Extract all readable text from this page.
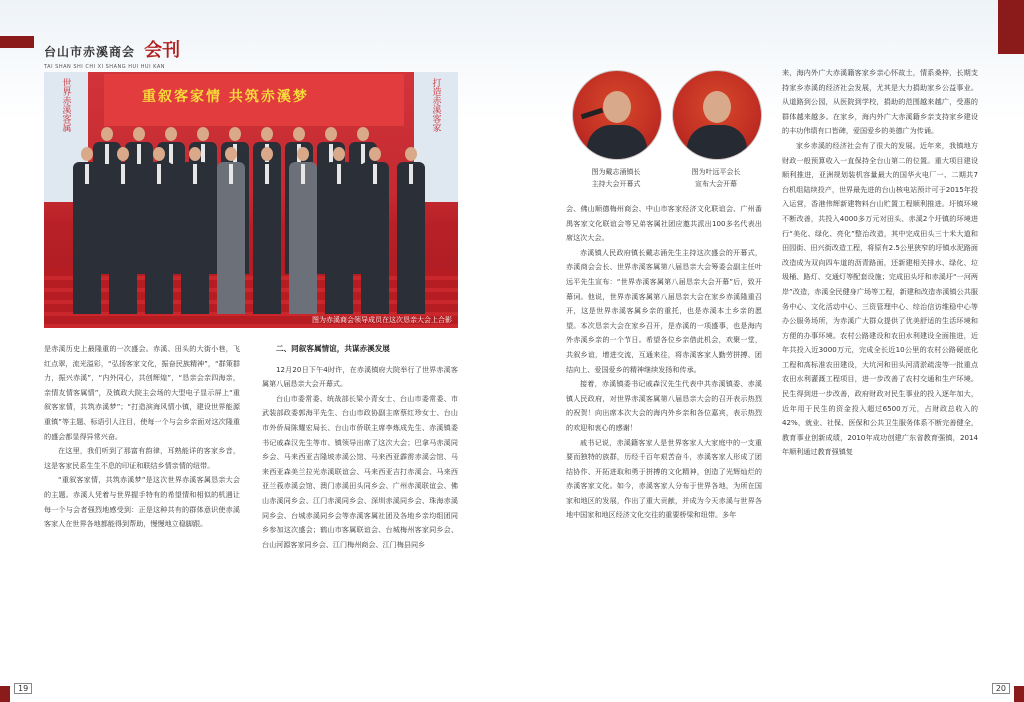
台山市赤溪商会 会刊
TAI SHAN SHI CHI XI SHANG HUI HUI KAN
世界赤溪客属	打造赤溪客家
重叙客家情 共筑赤溪梦
图为赤溪商会领导成员在这次恳亲大会上合影

是赤溪历史上最隆重的一次盛会。赤溪、田头的大街小巷，飞红点翠，流光溢彩，“弘扬客家文化，振奋民族精神”，“群策群力，振兴赤溪”，“内外同心，共创辉煌”，“恳亲会亲四海亲，亲情友情客属情”，及镇政大院主会场的大型电子显示屏上“重叙客家情，共筑赤溪梦”；“打造滨海风情小镇，建设世界能源重镇”等主题、标语引人注目，使每一个与会乡亲面对这次隆重的盛会都显得异常兴奋。

在这里，我们听到了那富有韵律，耳熟能详的客家乡音，这是客家民系生生不息的印证和联结乡情亲情的纽带。

“重叙客家情，共筑赤溪梦”是这次世界赤溪客属恳亲大会的主题。赤溪人凭着与世界握手特有的希望情和相似的机遇让每一个与会者强烈地感受到：正是这种共有的群体意识使赤溪客家人在世界各地都能得到帮助，慢慢地立稳脚跟。

二、同叙客属情谊，共谋赤溪发展

12月20日下午4时许，在赤溪镇府大院举行了世界赤溪客属第八届恳亲大会开幕式。

台山市委常委、统战部长梁小青女士、台山市委常委、市武装部政委郭海平先生、台山市政协副主席蔡红珍女士、台山市外侨局陈耀宏局长、台山市侨联主席李炼成先生、赤溪镇委书记戚森汉先生等市、镇领导出席了这次大会；巴拿马赤溪同乡会、马来西亚吉隆坡赤溪公馆、马来西亚霹雳赤溪会馆、马来西亚森美兰拉光赤溪联谊会、马来西亚吉打赤溪会、马来西亚兰莪赤溪会馆、澳门赤溪田头同乡会、广州赤溪联谊会、佛山赤溪同乡会、江门赤溪同乡会、深圳赤溪同乡会、珠海赤溪同乡会、台城赤溪同乡会等赤溪客属社团及各地乡亲均组团同乡参加这次盛会；鹤山市客属联谊会、台城梅州客家同乡会、台山河源客家同乡会、江门梅州商会、江门梅县同乡

19
图为戴志涌镇长
主持大会开幕式
图为叶远平会长
宣布大会开幕

会、佛山顺德梅州商会、中山市客家经济文化联谊会、广州番禺客家文化联谊会等兄弟客属社团应邀共派出100多名代表出席这次大会。

赤溪镇人民政府镇长戴志涌先生主持这次盛会的开幕式，赤溪商会会长、世界赤溪客属第八届恳亲大会筹委会副主任叶远平先生宣布：“世界赤溪客属第八届恳亲大会开幕”后，致开幕词。他说，世界赤溪客属第八届恳亲大会在家乡赤溪隆重召开，这是世界赤溪客属乡亲的重托，也是赤溪本土乡亲的愿望。本次恳亲大会在家乡召开，是赤溪的一项盛事，也是海内外赤溪乡亲的一个节日。希望各位乡亲借此机会，欢聚一堂，共叙乡谊，增进交流，互通来往，将赤溪客家人勤劳拼搏、团结向上、爱国爱乡的精神继续发扬和传承。

接着，赤溪镇委书记戚森汉先生代表中共赤溪镇委、赤溪镇人民政府，对世界赤溪客属第八届恳亲大会的召开表示热烈的祝贺！向出席本次大会的海内外乡亲和各位嘉宾，表示热烈的欢迎和衷心的感谢！

戚书记说，赤溪籍客家人是世界客家人大家庭中的一支重要而独特的族群，历经千百年艰苦奋斗，赤溪客家人形成了团结协作、开拓进取和勇于拼搏的文化精神，创造了光辉灿烂的赤溪客家文化。如今，赤溪客家人分布于世界各地，为所在国家和地区的发展，作出了重大贡献，并成为今天赤溪与世界各地中国家和地区经济文化交往的重要桥梁和纽带。多年

来，海内外广大赤溪籍客家乡亲心怀故土，情系桑梓，长期支持家乡赤溪的经济社会发展，尤其是大力捐助家乡公益事业。从道路到公园，从医院到学校，捐助的范围越来越广，受惠的群体越来越多。在家乡，海内外广大赤溪籍乡亲支持家乡建设的丰功伟绩有口皆碑，爱国爱乡的美德广为传诵。

家乡赤溪的经济社会有了很大的发展。近年来，我镇地方财政一般预算收入一直保持全台山第二的位置。重大项目建设顺利推进，亚洲规划装机容量最大的国华火电厂一、二期共7台机组陆续投产，世界最先进的台山核电站预计可于2015年投入运营，香港伟辉新建物料台山贮置工程顺利推进。圩镇环境不断改善，共投入4000多万元对田头、赤溪2个圩镇的环境进行“美化、绿化、亮化”整治改造，其中完成田头三十米大道和田园街、田兴街改造工程，将原有2.5公里狭窄的圩镇水泥路面改造成为双向四车道的沥青路面，还新建相关排水、绿化、垃圾桶、路灯、交通灯等配套设施；完成田头圩和赤溪圩“一河两岸”改造，赤溪全民健身广场等工程，新建和改造赤溪镇公共服务中心、文化活动中心、三资管理中心、综治信访维稳中心等办公服务场所，为赤溪广大群众提供了优美舒适的生活环境和方便的办事环境。农村公路建设和农田水利建设全面推进，近年共投入近3000万元，完成全长近10公里的农村公路硬底化工程和高标准农田建设，大坑河和田头河清淤疏浚等一批重点农田水利灌溉工程项目，进一步改善了农村交通和生产环境。民生得到进一步改善，政府财政对民生事业的投入逐年加大，近年用于民生的资金投入超过6500万元，占财政总收入的42%，就业、社保、医保和公共卫生服务体系不断完善健全，教育事业创新成绩，2010年成功创建广东省教育强镇，2014年顺利通过教育强镇复

20
